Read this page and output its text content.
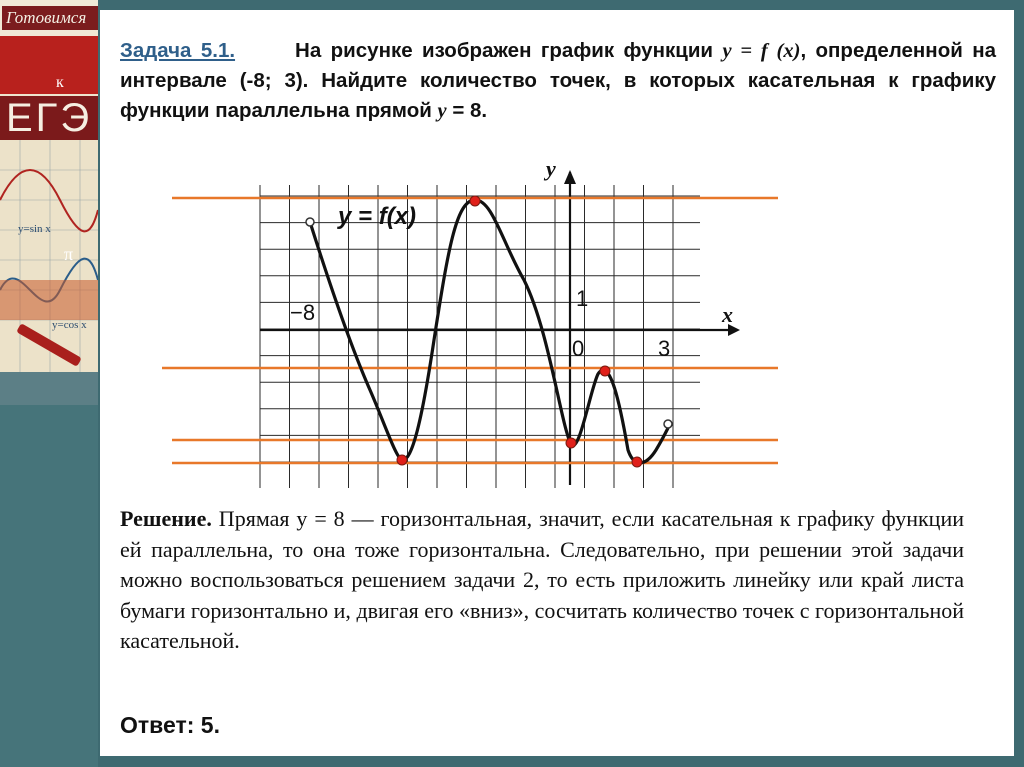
Готовимся
к
ЕГЭ
y=sin x
π
y=cos x
Задача 5.1.	На рисунке изображен график функции y = f (x), определенной на интервале (-8; 3). Найдите количество точек, в которых касательная к графику функции параллельна прямой y = 8.
y
x
−8
1
0	3
y = f(x)
Решение. Прямая y = 8 — горизонтальная, значит, если касательная к графику функции ей параллельна, то она тоже горизонтальна. Следовательно, при решении этой задачи можно воспользоваться решением задачи 2, то есть приложить линейку или край листа бумаги горизонтально и, двигая его «вниз», сосчитать количество точек с горизонтальной касательной.
Ответ: 5.
